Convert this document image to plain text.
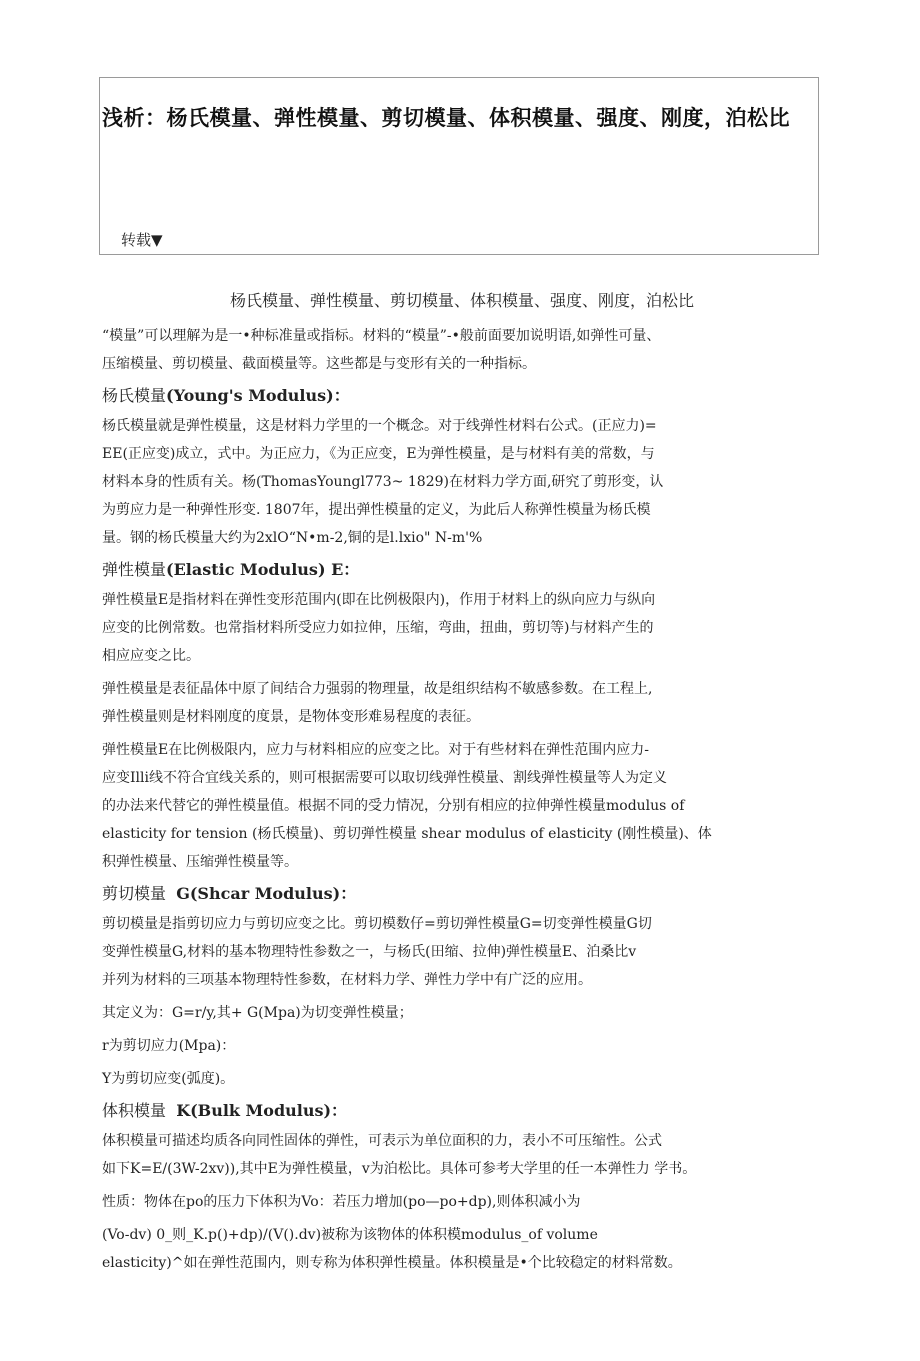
浅析：杨氏模量、弹性模量、剪切模量、体积模量、强度、刚度，泊松比
转载▼
杨氏模量、弹性模量、剪切模量、体积模量、强度、刚度，泊松比

“模量”可以理解为是一•种标准量或指标。材料的“模量”-•般前面要加说明语,如弹性可量、

压缩模量、剪切模量、截面模量等。这些都是与变形有关的一种指标。

杨氏模量(Young's Modulus)：

杨氏模量就是弹性模量，这是材料力学里的一个概念。对于线弹性材料右公式。(正应力)=

EE(正应变)成立，式中。为正应力，《为正应变，E为弹性模量，是与材料有美的常数，与

材料本身的性质有关。杨(ThomasYoungl773~ 1829)在材料力学方面,研究了剪形变，认

为剪应力是一种弹性形变. 1807年，提出弹性模量的定义，为此后人称弹性模量为杨氏模

量。钢的杨氏模量大约为2xlO“N•m-2,铜的是l.lxio" N-m'%

弹性模量(Elastic Modulus) E：

弹性模量E是指材料在弹性变形范围内(即在比例极限内)，作用于材料上的纵向应力与纵向

应变的比例常数。也常指材料所受应力如拉伸，压缩，弯曲，扭曲，剪切等)与材料产生的

相应应变之比。

弹性模量是表征晶体中原了间结合力强弱的物理量，故是组织结构不敏感参数。在工程上,

弹性模量则是材料刚度的度景，是物体变形难易程度的表征。

弹性模量E在比例极限内，应力与材料相应的应变之比。对于有些材料在弹性范围内应力-

应变Illi线不符合宜线关系的，则可根据需要可以取切线弹性模量、割线弹性模量等人为定义

的办法来代替它的弹性模量值。根据不同的受力情况，分别有相应的拉伸弹性模量modulus of

elasticity for tension (杨氏模量)、剪切弹性模量 shear modulus of elasticity (刚性模量)、体

积弹性模量、压缩弹性模量等。

剪切模量 G(Shcar Modulus)：

剪切模量是指剪切应力与剪切应变之比。剪切模数仔=剪切弹性模量G=切变弹性模量G切

变弹性模量G,材料的基本物理特性参数之一，与杨氏(田缩、拉伸)弹性模量E、泊桑比v

并列为材料的三项基本物理特性参数，在材料力学、弹性力学中有广泛的应用。

其定义为：G=r/y,其+ G(Mpa)为切变弹性模量；

r为剪切应力(Mpa)：

Y为剪切应变(弧度)。

体积模量 K(Bulk Modulus)：

体积模量可描述均质各向同性固体的弹性，可表示为单位面积的力，表小不可压缩性。公式

如下K=E/(3W-2xv)),其中E为弹性模量，v为泊松比。具体可参考大学里的任一本弹性力 学书。

性质：物体在po的压力下体积为Vo：若压力增加(po—po+dp),则体积减小为

(Vo-dv) 0_则_K.p()+dp)/(V().dv)被称为该物体的体积模modulus_of volume

elasticity)^如在弹性范围内，则专称为体积弹性模量。体积模量是•个比较稳定的材料常数。
